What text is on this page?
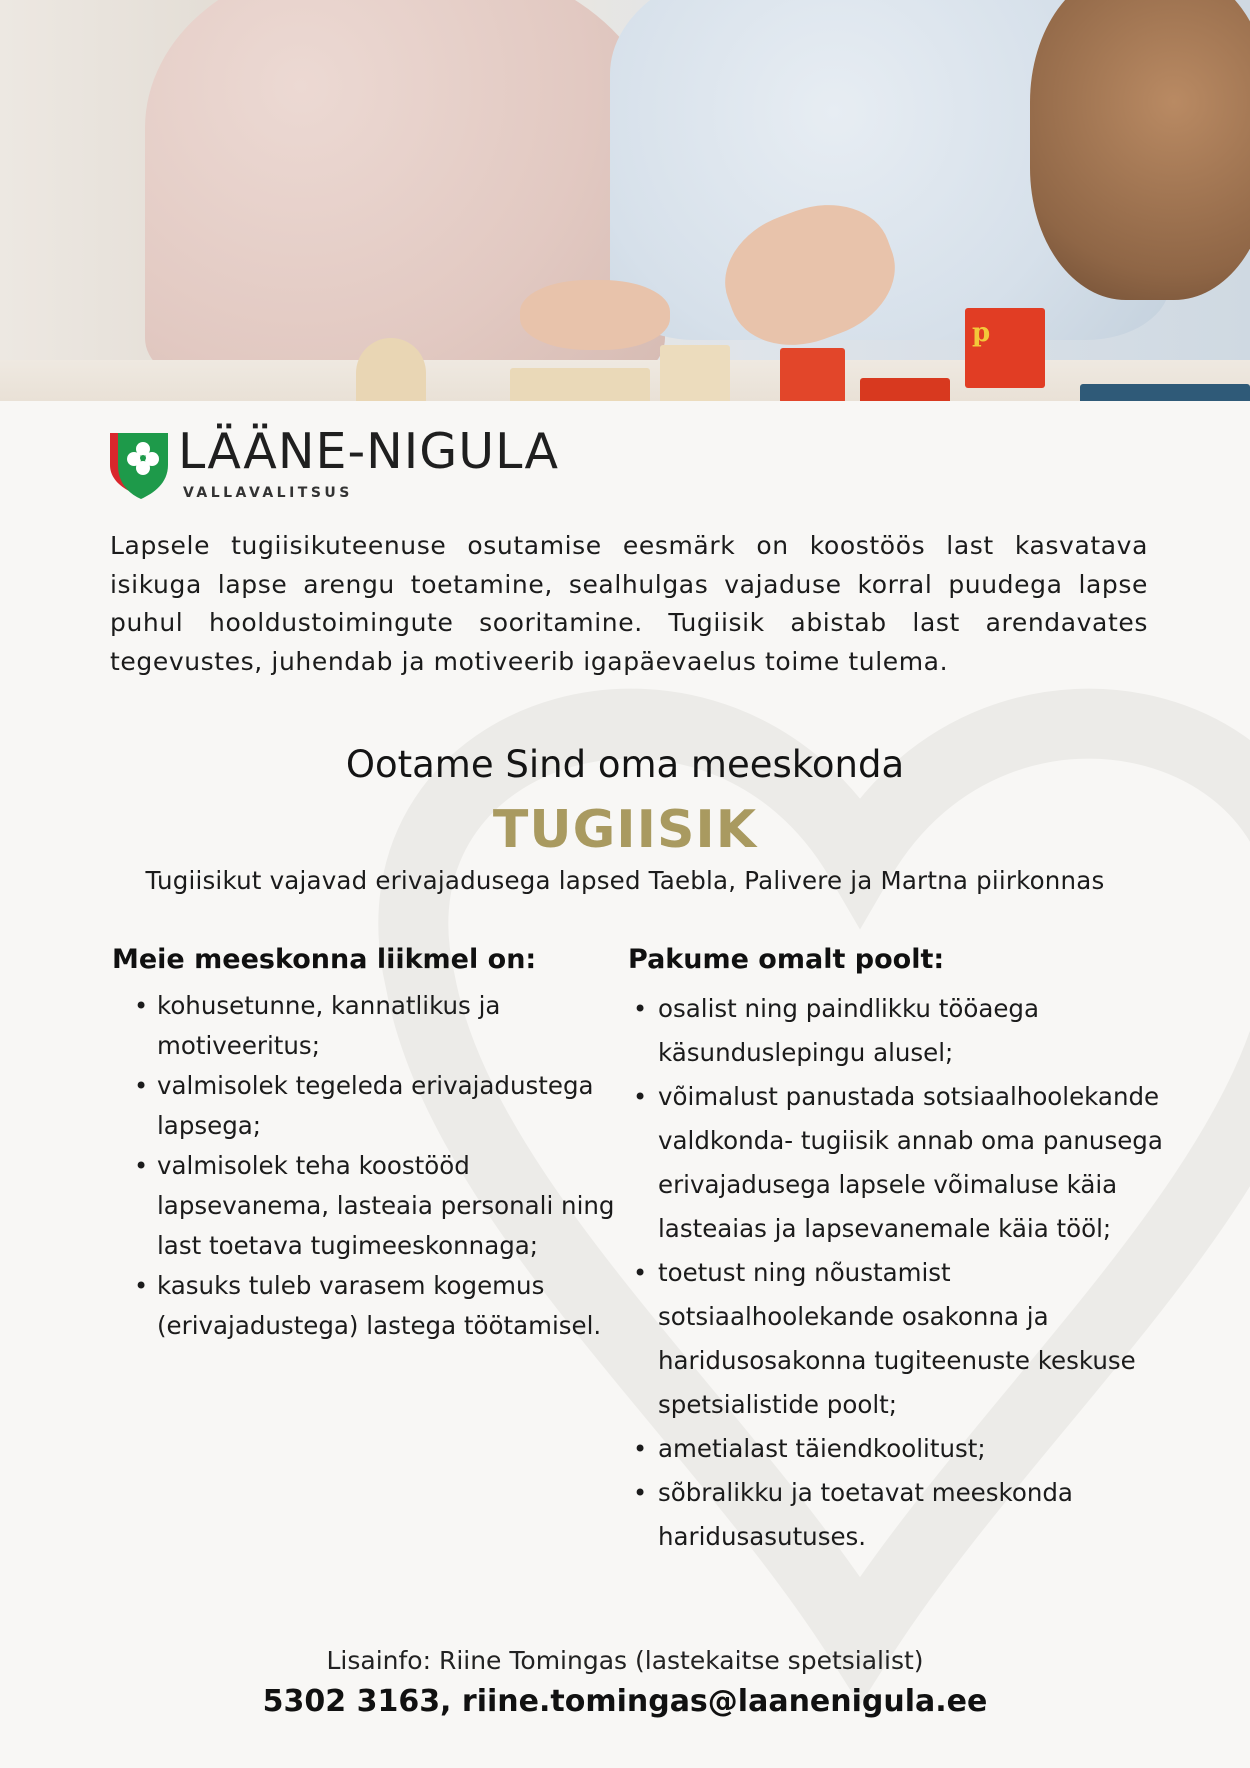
p
LÄÄNE-NIGULA
VALLAVALITSUS

Lapsele tugiisikuteenuse osutamise eesmärk on koostöös last kasvatava isikuga lapse arengu toetamine, sealhulgas vajaduse korral puudega lapse puhul hooldustoimingute sooritamine. Tugiisik abistab last arendavates tegevustes, juhendab ja motiveerib igapäevaelus toime tulema.

Ootame Sind oma meeskonda
TUGIISIK

Tugiisikut vajavad erivajadusega lapsed Taebla, Palivere ja Martna piirkonnas

Meie meeskonna liikmel on:
• kohusetunne, kannatlikus ja motiveeritus;
• valmisolek tegeleda erivajadustega lapsega;
• valmisolek teha koostööd lapsevanema, lasteaia personali ning last toetava tugimeeskonnaga;
• kasuks tuleb varasem kogemus (erivajadustega) lastega töötamisel.
Pakume omalt poolt:
• osalist ning paindlikku tööaega käsunduslepingu alusel;
• võimalust panustada sotsiaalhoolekande valdkonda- tugiisik annab oma panusega erivajadusega lapsele võimaluse käia lasteaias ja lapsevanemale käia tööl;
• toetust ning nõustamist sotsiaalhoolekande osakonna ja haridusosakonna tugiteenuste keskuse spetsialistide poolt;
• ametialast täiendkoolitust;
• sõbralikku ja toetavat meeskonda haridusasutuses.

Lisainfo: Riine Tomingas (lastekaitse spetsialist)

5302 3163, riine.tomingas@laanenigula.ee
